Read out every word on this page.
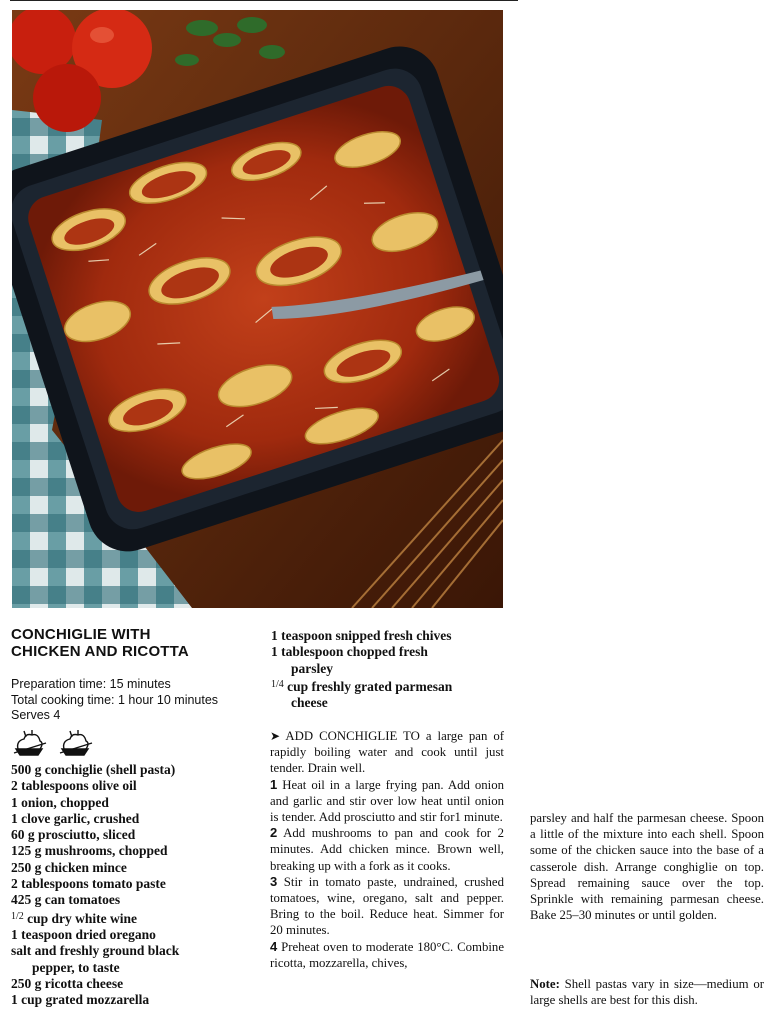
CONCHIGLIE WITH
CHICKEN AND RICOTTA
Preparation time: 15 minutes
Total cooking time: 1 hour 10 minutes
Serves 4
500 g conchiglie (shell pasta)
2 tablespoons olive oil
1 onion, chopped
1 clove garlic, crushed
60 g prosciutto, sliced
125 g mushrooms, chopped
250 g chicken mince
2 tablespoons tomato paste
425 g can tomatoes
$^{1/2}$ cup dry white wine
1 teaspoon dried oregano
salt and freshly ground black
pepper, to taste
250 g ricotta cheese
1 cup grated mozzarella
1 teaspoon snipped fresh chives
1 tablespoon chopped fresh
parsley
$^{1/4}$ cup freshly grated parmesan
cheese

➤ ADD CONCHIGLIE TO a large pan of rapidly boiling water and cook until just tender. Drain well.

1 Heat oil in a large frying pan. Add onion and garlic and stir over low heat until onion is tender. Add prosciutto and stir for1 minute.

2 Add mushrooms to pan and cook for 2 minutes. Add chicken mince. Brown well, breaking up with a fork as it cooks.

3 Stir in tomato paste, undrained, crushed tomatoes, wine, oregano, salt and pepper. Bring to the boil. Reduce heat. Simmer for 20 minutes.

4 Preheat oven to moderate 180°C. Combine ricotta, mozzarella, chives,

parsley and half the parmesan cheese. Spoon a little of the mixture into each shell. Spoon some of the chicken sauce into the base of a casserole dish. Arrange conghiglie on top. Spread remaining sauce over the top. Sprinkle with remaining parmesan cheese. Bake 25–30 minutes or until golden.

Note: Shell pastas vary in size—medium or large shells are best for this dish.
